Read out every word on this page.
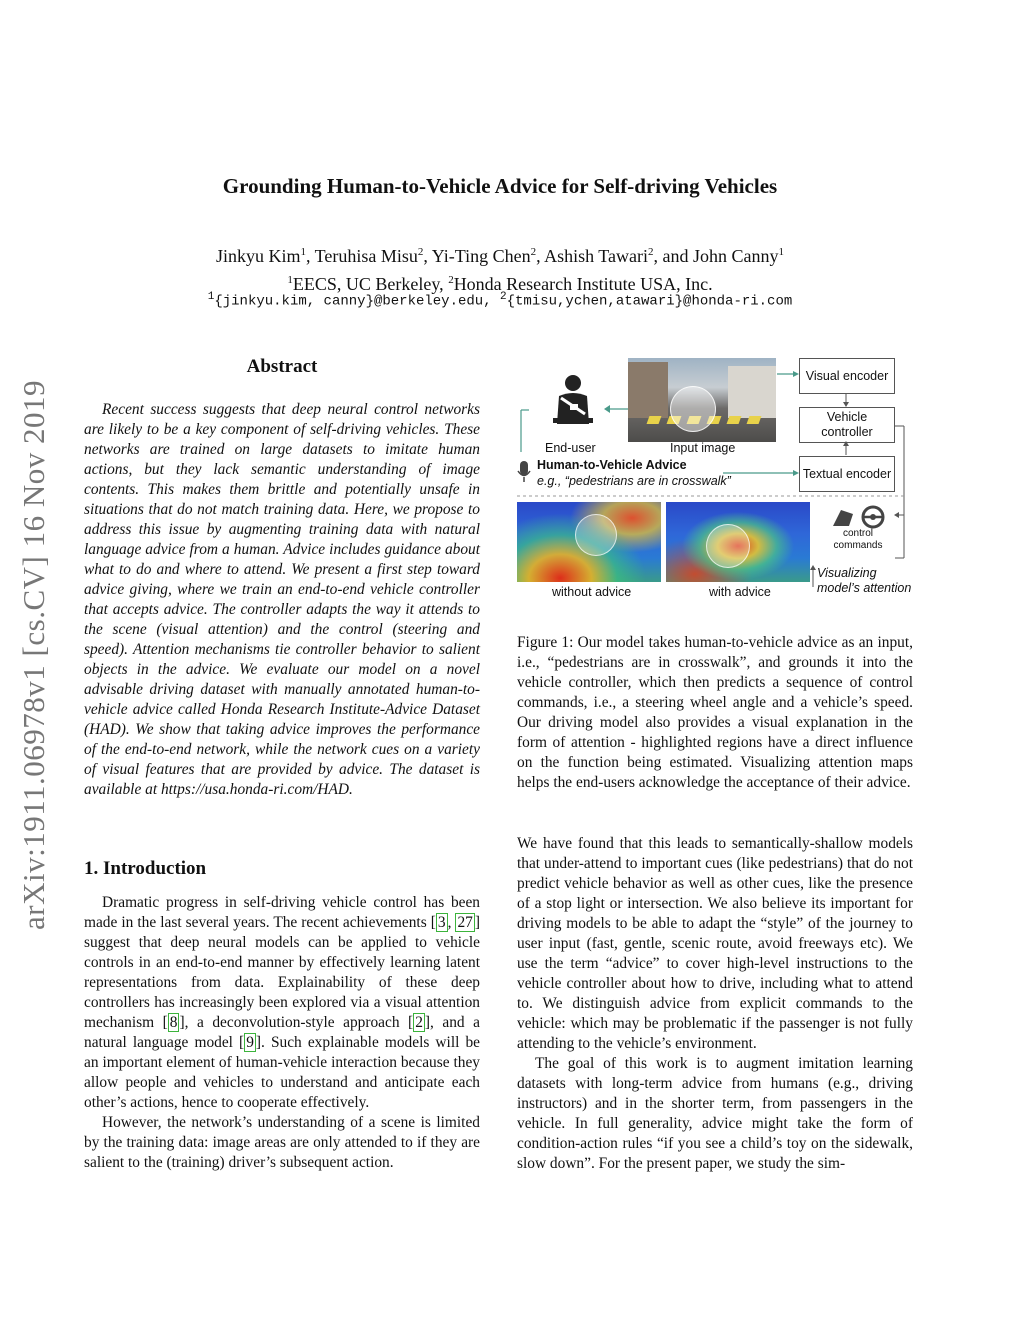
Grounding Human-to-Vehicle Advice for Self-driving Vehicles
Jinkyu Kim$^1$, Teruhisa Misu$^2$, Yi-Ting Chen$^2$, Ashish Tawari$^2$, and John Canny$^1$
$^1$EECS, UC Berkeley, $^2$Honda Research Institute USA, Inc.
$^1${jinkyu.kim, canny}@berkeley.edu, $^2${tmisu,ychen,atawari}@honda-ri.com
arXiv:1911.06978v1 [cs.CV] 16 Nov 2019
Abstract

Recent success suggests that deep neural control networks are likely to be a key component of self-driving vehicles. These networks are trained on large datasets to imitate human actions, but they lack semantic understanding of image contents. This makes them brittle and potentially unsafe in situations that do not match training data. Here, we propose to address this issue by augmenting training data with natural language advice from a human. Advice includes guidance about what to do and where to attend. We present a first step toward advice giving, where we train an end-to-end vehicle controller that accepts advice. The controller adapts the way it attends to the scene (visual attention) and the control (steering and speed). Attention mechanisms tie controller behavior to salient objects in the advice. We evaluate our model on a novel advisable driving dataset with manually annotated human-to-vehicle advice called Honda Research Institute-Advice Dataset (HAD). We show that taking advice improves the performance of the end-to-end network, while the network cues on a variety of visual features that are provided by advice. The dataset is available at https://usa.honda-ri.com/HAD.

1. Introduction

Dramatic progress in self-driving vehicle control has been made in the last several years. The recent achievements [ 3 , 27 ] suggest that deep neural models can be applied to vehicle controls in an end-to-end manner by effectively learning latent representations from data. Explainability of these deep controllers has increasingly been explored via a visual attention mechanism [ 8 ], a deconvolution-style approach [ 2 ], and a natural language model [ 9 ]. Such explainable models will be an important element of human-vehicle interaction because they allow people and vehicles to understand and anticipate each other’s actions, hence to cooperate effectively.

However, the network’s understanding of a scene is limited by the training data: image areas are only attended to if they are salient to the (training) driver’s subsequent action.

End-user	Input image
Visual encoder
Vehicle controller
Textual encoder
Human-to-Vehicle Advice
e.g., “pedestrians are in crosswalk”
without advice	with advice
control commands
Visualizing model’s attention

Figure 1: Our model takes human-to-vehicle advice as an input, i.e., “pedestrians are in crosswalk”, and grounds it into the vehicle controller, which then predicts a sequence of control commands, i.e., a steering wheel angle and a vehicle’s speed. Our driving model also provides a visual explanation in the form of attention - highlighted regions have a direct influence on the function being estimated. Visualizing attention maps helps the end-users acknowledge the acceptance of their advice.

We have found that this leads to semantically-shallow models that under-attend to important cues (like pedestrians) that do not predict vehicle behavior as well as other cues, like the presence of a stop light or intersection. We also believe its important for driving models to be able to adapt the “style” of the journey to user input (fast, gentle, scenic route, avoid freeways etc). We use the term “advice” to cover high-level instructions to the vehicle controller about how to drive, including what to attend to. We distinguish advice from explicit commands to the vehicle: which may be problematic if the passenger is not fully attending to the vehicle’s environment.

The goal of this work is to augment imitation learning datasets with long-term advice from humans (e.g., driving instructors) and in the shorter term, from passengers in the vehicle. In full generality, advice might take the form of condition-action rules “if you see a child’s toy on the sidewalk, slow down”. For the present paper, we study the sim-
